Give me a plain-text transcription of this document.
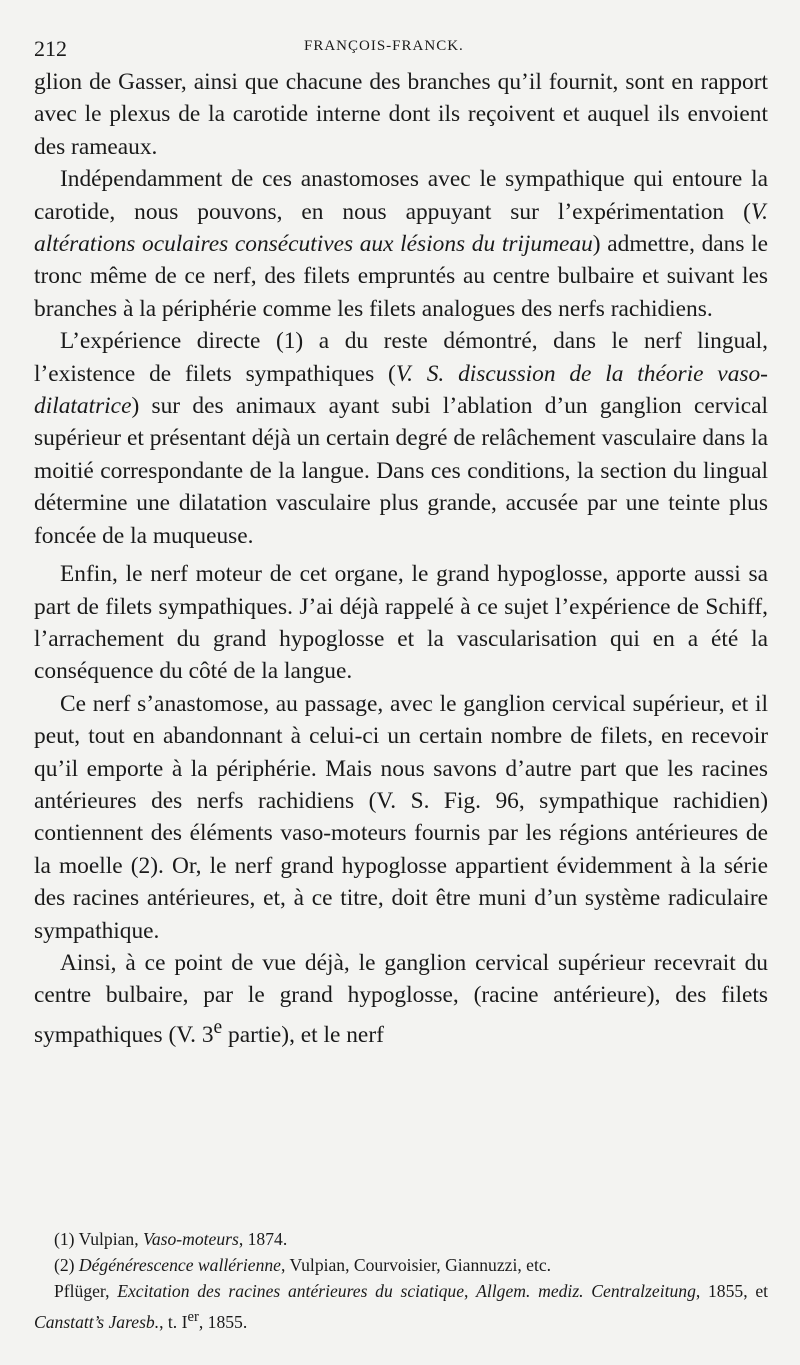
212	FRANÇOIS-FRANCK.

glion de Gasser, ainsi que chacune des branches qu’il fournit, sont en rapport avec le plexus de la carotide interne dont ils reçoivent et auquel ils envoient des rameaux.

Indépendamment de ces anastomoses avec le sympathique qui entoure la carotide, nous pouvons, en nous appuyant sur l’expérimentation (V. altérations oculaires consécutives aux lésions du trijumeau) admettre, dans le tronc même de ce nerf, des filets empruntés au centre bulbaire et suivant les branches à la périphérie comme les filets analogues des nerfs rachidiens.

L’expérience directe (1) a du reste démontré, dans le nerf lingual, l’existence de filets sympathiques (V. S. discussion de la théorie vaso-dilatatrice) sur des animaux ayant subi l’ablation d’un ganglion cervical supérieur et présentant déjà un certain degré de relâchement vasculaire dans la moitié correspondante de la langue. Dans ces conditions, la section du lingual détermine une dilatation vasculaire plus grande, accusée par une teinte plus foncée de la muqueuse.

Enfin, le nerf moteur de cet organe, le grand hypoglosse, apporte aussi sa part de filets sympathiques. J’ai déjà rappelé à ce sujet l’expérience de Schiff, l’arrachement du grand hypoglosse et la vascularisation qui en a été la conséquence du côté de la langue.

Ce nerf s’anastomose, au passage, avec le ganglion cervical supérieur, et il peut, tout en abandonnant à celui-ci un certain nombre de filets, en recevoir qu’il emporte à la périphérie. Mais nous savons d’autre part que les racines antérieures des nerfs rachidiens (V. S. Fig. 96, sympathique rachidien) contiennent des éléments vaso-moteurs fournis par les régions antérieures de la moelle (2). Or, le nerf grand hypoglosse appartient évidemment à la série des racines antérieures, et, à ce titre, doit être muni d’un système radiculaire sympathique.

Ainsi, à ce point de vue déjà, le ganglion cervical supérieur recevrait du centre bulbaire, par le grand hypoglosse, (racine antérieure), des filets sympathiques (V. 3e partie), et le nerf

(1) Vulpian, Vaso-moteurs, 1874.

(2) Dégénérescence wallérienne, Vulpian, Courvoisier, Giannuzzi, etc.

Pflüger, Excitation des racines antérieures du sciatique, Allgem. mediz. Centralzeitung, 1855, et Canstatt’s Jaresb., t. Ier, 1855.
